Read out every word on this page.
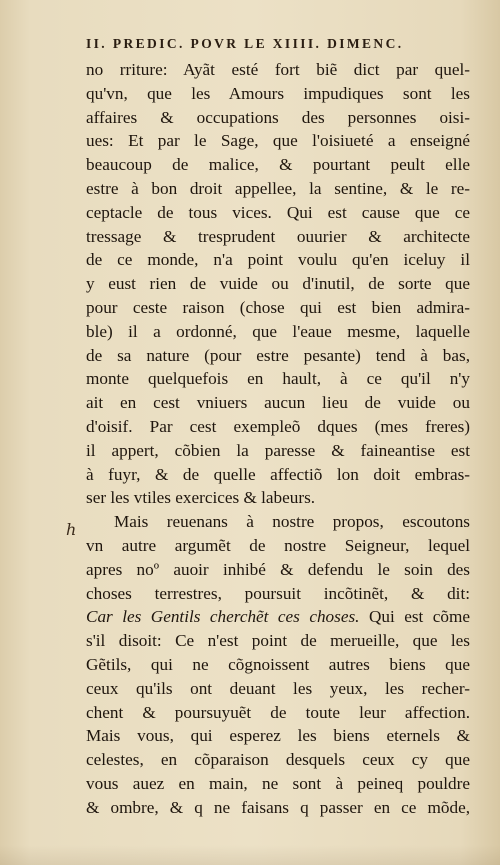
II. PREDIC. POVR LE XIIII. DIMENC.
ℎ
no rriture: Ayãt esté fort biẽ dict par quel-
qu'vn, que les Amours impudiques sont les
affaires & occupations des personnes oisi-
ues: Et par le Sage, que l'oisiueté a enseigné
beaucoup de malice, & pourtant peult elle
estre à bon droit appellee, la sentine, & le re-
ceptacle de tous vices. Qui est cause que ce
tressage & tresprudent ouurier & architecte
de ce monde, n'a point voulu qu'en iceluy il
y eust rien de vuide ou d'inutil, de sorte que
pour ceste raison (chose qui est bien admira-
ble) il a ordonné, que l'eaue mesme, laquelle
de sa nature (pour estre pesante) tend à bas,
monte quelquefois en hault, à ce qu'il n'y
ait en cest vniuers aucun lieu de vuide ou
d'oisif. Par cest exempleõ dques (mes freres)
il appert, cõbien la paresse & faineantise est
à fuyr, & de quelle affectiõ lon doit embras-
ser les vtiles exercices & labeurs.
Mais reuenans à nostre propos, escoutons
vn autre argumẽt de nostre Seigneur, lequel
apres noº auoir inhibé & defendu le soin des
choses terrestres, poursuit incõtinẽt, & dit:
Car les Gentils cherchẽt ces choses. Qui est cõme
s'il disoit: Ce n'est point de merueille, que les
Gẽtils, qui ne cõgnoissent autres biens que
ceux qu'ils ont deuant les yeux, les recher-
chent & poursuyuẽt de toute leur affection.
Mais vous, qui esperez les biens eternels &
celestes, en cõparaison desquels ceux cy que
vous auez en main, ne sont à peineq pouldre
& ombre, & q ne faisans q passer en ce mõde,
